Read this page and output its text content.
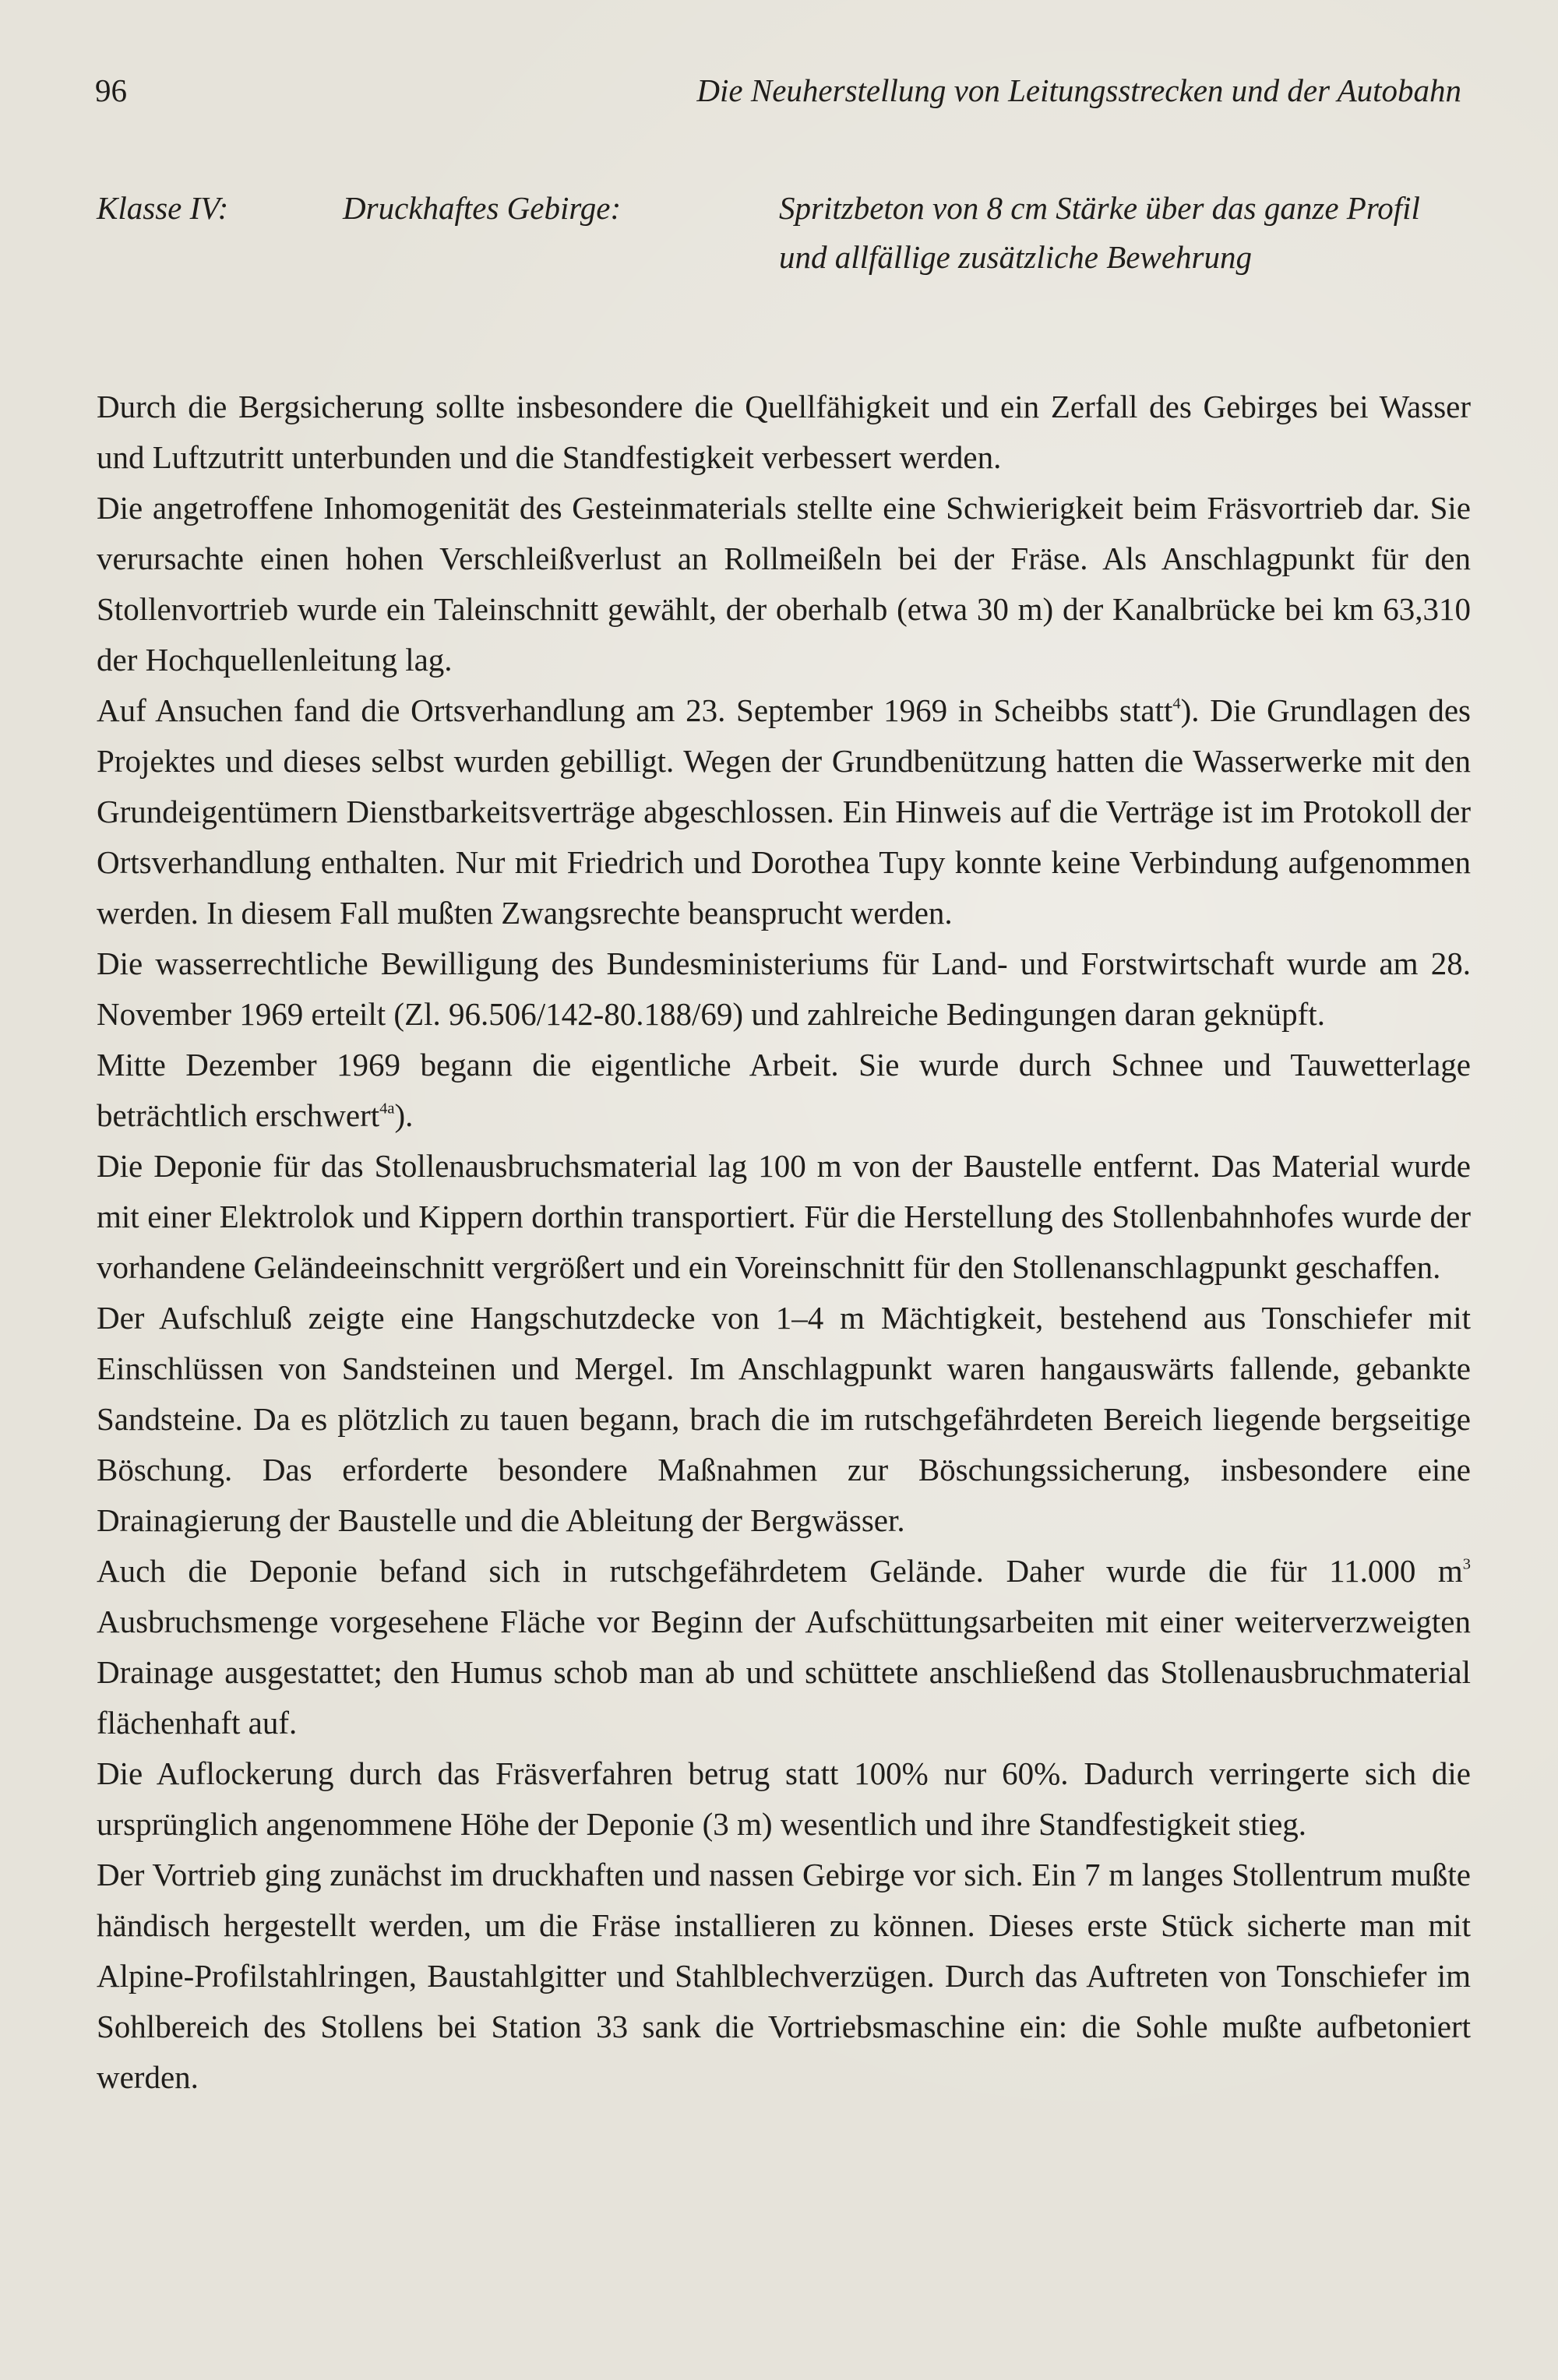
96	Die Neuherstellung von Leitungsstrecken und der Autobahn
Klasse IV:	Druckhaftes Gebirge:	Spritzbeton von 8 cm Stärke über das ganze Profil und allfällige zusätzliche Bewehrung

Durch die Bergsicherung sollte insbesondere die Quellfähigkeit und ein Zerfall des Gebirges bei Wasser und Luftzutritt unterbunden und die Standfestigkeit verbessert werden.

Die angetroffene Inhomogenität des Gesteinmaterials stellte eine Schwierigkeit beim Fräsvortrieb dar. Sie verursachte einen hohen Verschleißverlust an Rollmeißeln bei der Fräse. Als Anschlagpunkt für den Stollenvortrieb wurde ein Taleinschnitt gewählt, der oberhalb (etwa 30 m) der Kanalbrücke bei km 63,310 der Hochquellenleitung lag.

Auf Ansuchen fand die Ortsverhandlung am 23. September 1969 in Scheibbs statt$^4$). Die Grundlagen des Projektes und dieses selbst wurden gebilligt. Wegen der Grundbenützung hatten die Wasserwerke mit den Grundeigentümern Dienstbarkeitsverträge abgeschlossen. Ein Hinweis auf die Verträge ist im Protokoll der Ortsverhandlung enthalten. Nur mit Friedrich und Dorothea Tupy konnte keine Verbindung aufgenommen werden. In diesem Fall mußten Zwangsrechte beansprucht werden.

Die wasserrechtliche Bewilligung des Bundesministeriums für Land- und Forstwirtschaft wurde am 28. November 1969 erteilt (Zl. 96.506/142-80.188/69) und zahlreiche Bedingungen daran geknüpft.

Mitte Dezember 1969 begann die eigentliche Arbeit. Sie wurde durch Schnee und Tauwetterlage beträchtlich erschwert$^{4a}$).

Die Deponie für das Stollenausbruchsmaterial lag 100 m von der Baustelle entfernt. Das Material wurde mit einer Elektrolok und Kippern dorthin transportiert. Für die Herstellung des Stollenbahnhofes wurde der vorhandene Geländeeinschnitt vergrößert und ein Voreinschnitt für den Stollenanschlagpunkt geschaffen.

Der Aufschluß zeigte eine Hangschutzdecke von 1–4 m Mächtigkeit, bestehend aus Tonschiefer mit Einschlüssen von Sandsteinen und Mergel. Im Anschlagpunkt waren hangauswärts fallende, gebankte Sandsteine. Da es plötzlich zu tauen begann, brach die im rutschgefährdeten Bereich liegende bergseitige Böschung. Das erforderte besondere Maßnahmen zur Böschungssicherung, insbesondere eine Drainagierung der Baustelle und die Ableitung der Bergwässer.

Auch die Deponie befand sich in rutschgefährdetem Gelände. Daher wurde die für 11.000 $m^3$ Ausbruchsmenge vorgesehene Fläche vor Beginn der Aufschüttungsarbeiten mit einer weiterverzweigten Drainage ausgestattet; den Humus schob man ab und schüttete anschließend das Stollenausbruchmaterial flächenhaft auf.

Die Auflockerung durch das Fräsverfahren betrug statt 100% nur 60%. Dadurch verringerte sich die ursprünglich angenommene Höhe der Deponie (3 m) wesentlich und ihre Standfestigkeit stieg.

Der Vortrieb ging zunächst im druckhaften und nassen Gebirge vor sich. Ein 7 m langes Stollentrum mußte händisch hergestellt werden, um die Fräse installieren zu können. Dieses erste Stück sicherte man mit Alpine-Profilstahlringen, Baustahlgitter und Stahlblechverzügen. Durch das Auftreten von Tonschiefer im Sohlbereich des Stollens bei Station 33 sank die Vortriebsmaschine ein: die Sohle mußte aufbetoniert werden.
